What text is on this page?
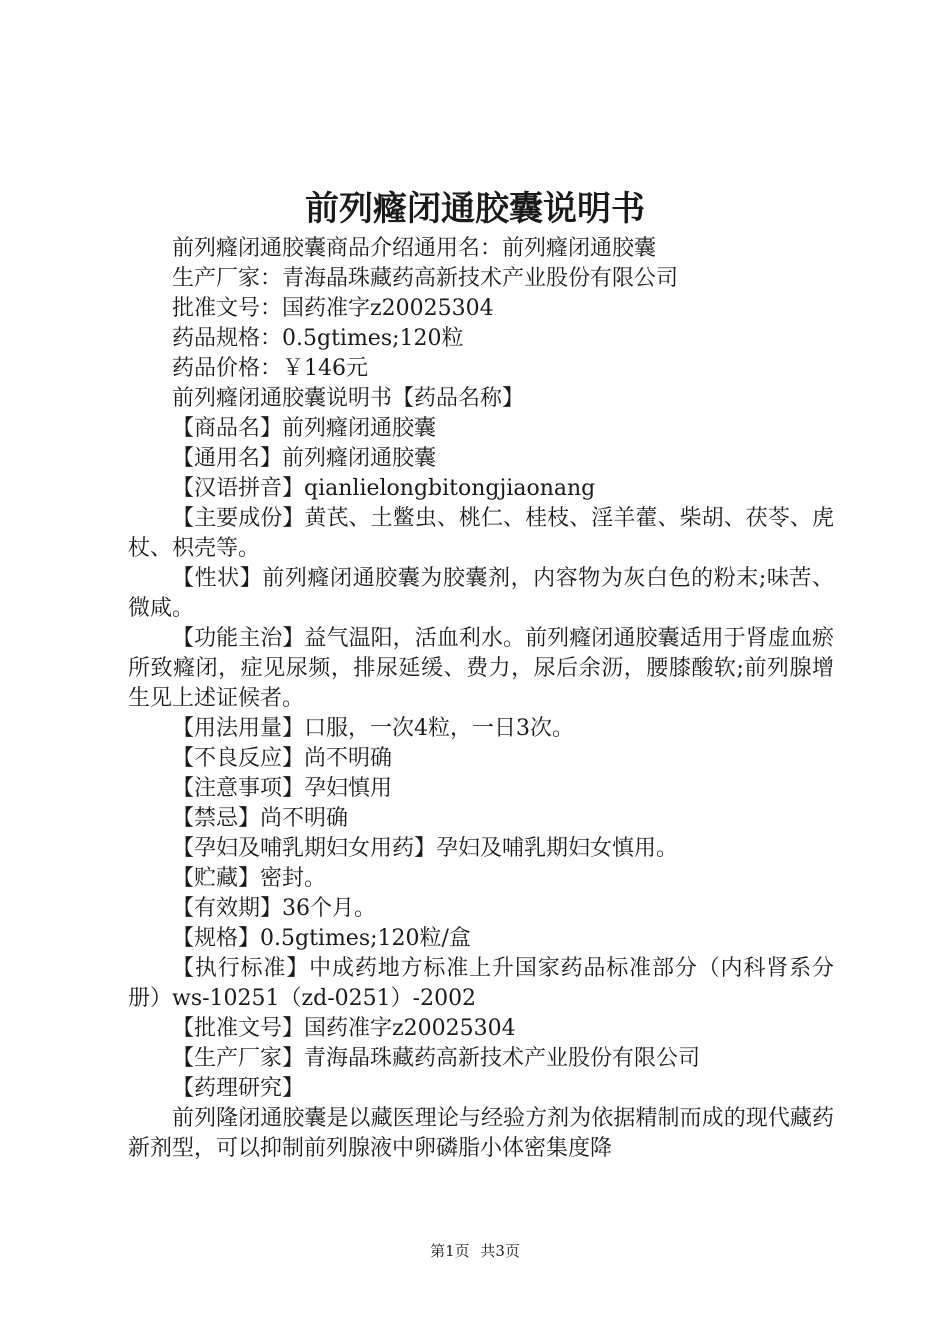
前列癃闭通胶囊说明书

前列癃闭通胶囊商品介绍通用名：前列癃闭通胶囊

生产厂家：青海晶珠藏药高新技术产业股份有限公司

批准文号：国药准字z20025304

药品规格：0.5gtimes;120粒

药品价格：￥146元

前列癃闭通胶囊说明书【药品名称】

【商品名】前列癃闭通胶囊

【通用名】前列癃闭通胶囊

【汉语拼音】qianlielongbitongjiaonang

【主要成份】黄芪、土鳖虫、桃仁、桂枝、淫羊藿、柴胡、茯苓、虎杖、枳壳等。

【性状】前列癃闭通胶囊为胶囊剂，内容物为灰白色的粉末;味苦、微咸。

【功能主治】益气温阳，活血利水。前列癃闭通胶囊适用于肾虚血瘀所致癃闭，症见尿频，排尿延缓、费力，尿后余沥，腰膝酸软;前列腺增生见上述证候者。

【用法用量】口服，一次4粒，一日3次。

【不良反应】尚不明确

【注意事项】孕妇慎用

【禁忌】尚不明确

【孕妇及哺乳期妇女用药】孕妇及哺乳期妇女慎用。

【贮藏】密封。

【有效期】36个月。

【规格】0.5gtimes;120粒/盒

【执行标准】中成药地方标准上升国家药品标准部分（内科肾系分册）ws-10251（zd-0251）-2002

【批准文号】国药准字z20025304

【生产厂家】青海晶珠藏药高新技术产业股份有限公司

【药理研究】

前列隆闭通胶囊是以藏医理论与经验方剂为依据精制而成的现代藏药新剂型，可以抑制前列腺液中卵磷脂小体密集度降

第1页 共3页
